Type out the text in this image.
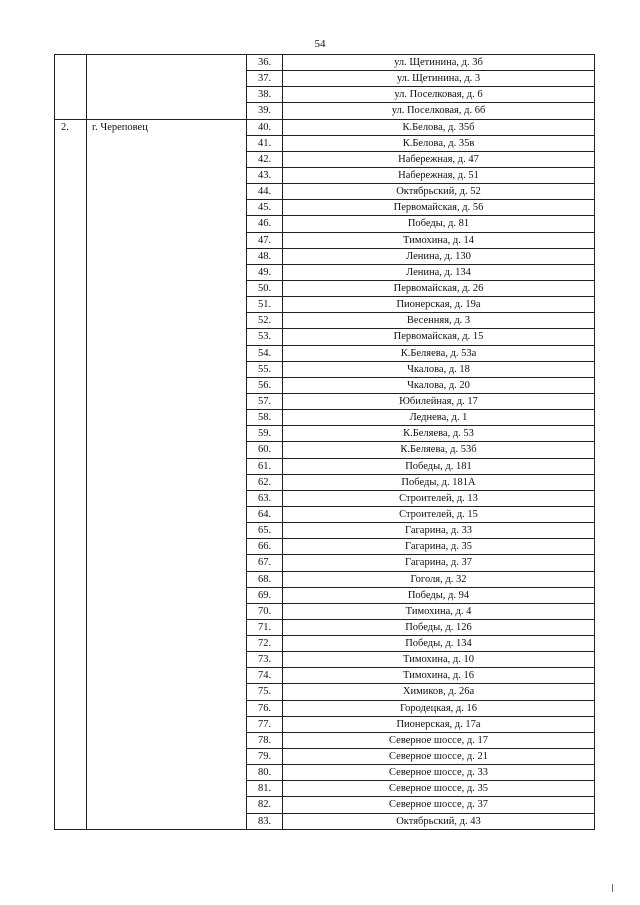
54
		36.	ул. Щетинина, д. 3б
		37.	ул. Щетинина, д. 3
		38.	ул. Поселковая, д. 6
		39.	ул. Поселковая, д. 6б
2.	г. Череповец	40.	К.Белова, д. 35б
		41.	К.Белова, д. 35в
		42.	Набережная, д. 47
		43.	Набережная, д. 51
		44.	Октябрьский, д. 52
		45.	Первомайская, д. 56
		46.	Победы, д. 81
		47.	Тимохина, д. 14
		48.	Ленина, д. 130
		49.	Ленина, д. 134
		50.	Первомайская, д. 26
		51.	Пионерская, д. 19а
		52.	Весенняя, д. 3
		53.	Первомайская, д. 15
		54.	К.Беляева, д. 53а
		55.	Чкалова, д. 18
		56.	Чкалова, д. 20
		57.	Юбилейная, д. 17
		58.	Леднева, д. 1
		59.	К.Беляева, д. 53
		60.	К.Беляева, д. 53б
		61.	Победы, д. 181
		62.	Победы, д. 181А
		63.	Строителей, д. 13
		64.	Строителей, д. 15
		65.	Гагарина, д. 33
		66.	Гагарина, д. 35
		67.	Гагарина, д. 37
		68.	Гоголя, д. 32
		69.	Победы, д. 94
		70.	Тимохина, д. 4
		71.	Победы, д. 126
		72.	Победы, д. 134
		73.	Тимохина, д. 10
		74.	Тимохина, д. 16
		75.	Химиков, д. 26а
		76.	Городецкая, д. 16
		77.	Пионерская, д. 17а
		78.	Северное шоссе, д. 17
		79.	Северное шоссе, д. 21
		80.	Северное шоссе, д. 33
		81.	Северное шоссе, д. 35
		82.	Северное шоссе, д. 37
		83.	Октябрьский, д. 43
